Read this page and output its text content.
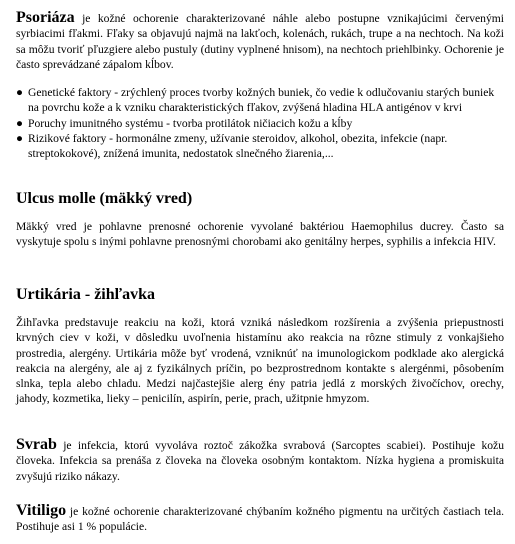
Psoriáza je kožné ochorenie charakterizované náhle alebo postupne vznikajúcimi červenými syrbiacimi fľakmi. Fľaky sa objavujú najmä na lakťoch, kolenách, rukách, trupe a na nechtoch. Na koži sa môžu tvoriť pľuzgiere alebo pustuly (dutiny vyplnené hnisom), na nechtoch priehlbinky. Ochorenie je často sprevádzané zápalom kĺbov.

● Genetické faktory - zrýchlený proces tvorby kožných buniek, čo vedie k odlučovaniu starých buniek na povrchu kože a k vzniku charakteristických fľakov, zvýšená hladina HLA antigénov v krvi

● Poruchy imunitného systému - tvorba protilátok ničiacich kožu a kĺby

● Rizikové faktory - hormonálne zmeny, užívanie steroidov, alkohol, obezita, infekcie (napr. streptokokové), znížená imunita, nedostatok slnečného žiarenia,...

Ulcus molle (mäkký vred)

Mäkký vred je pohlavne prenosné ochorenie vyvolané baktériou Haemophilus ducrey. Často sa vyskytuje spolu s inými pohlavne prenosnými chorobami ako genitálny herpes, syphilis a infekcia HIV.

Urtikária - žihľavka

Žihľavka predstavuje reakciu na koži, ktorá vzniká následkom rozšírenia a zvýšenia priepustnosti krvných ciev v koži, v dôsledku uvoľnenia histamínu ako reakcia na rôzne stimuly z vonkajšieho prostredia, alergény. Urtikária môže byť vrodená, vzniknúť na imunologickom podklade ako alergická reakcia na alergény, ale aj z fyzikálnych príčin, po bezprostrednom kontakte s alergénmi, pôsobením slnka, tepla alebo chladu. Medzi najčastejšie alerg ény patria jedlá z morských živočíchov, orechy, jahody, kozmetika, lieky – penicilín, aspirín, perie, prach, užitpnie hmyzom.

Svrab je infekcia, ktorú vyvoláva roztoč zákožka svrabová (Sarcoptes scabiei). Postihuje kožu človeka. Infekcia sa prenáša z človeka na človeka osobným kontaktom. Nízka hygiena a promiskuita zvyšujú riziko nákazy.

Vitiligo je kožné ochorenie charakterizované chýbaním kožného pigmentu na určitých častiach tela. Postihuje asi 1 % populácie.
